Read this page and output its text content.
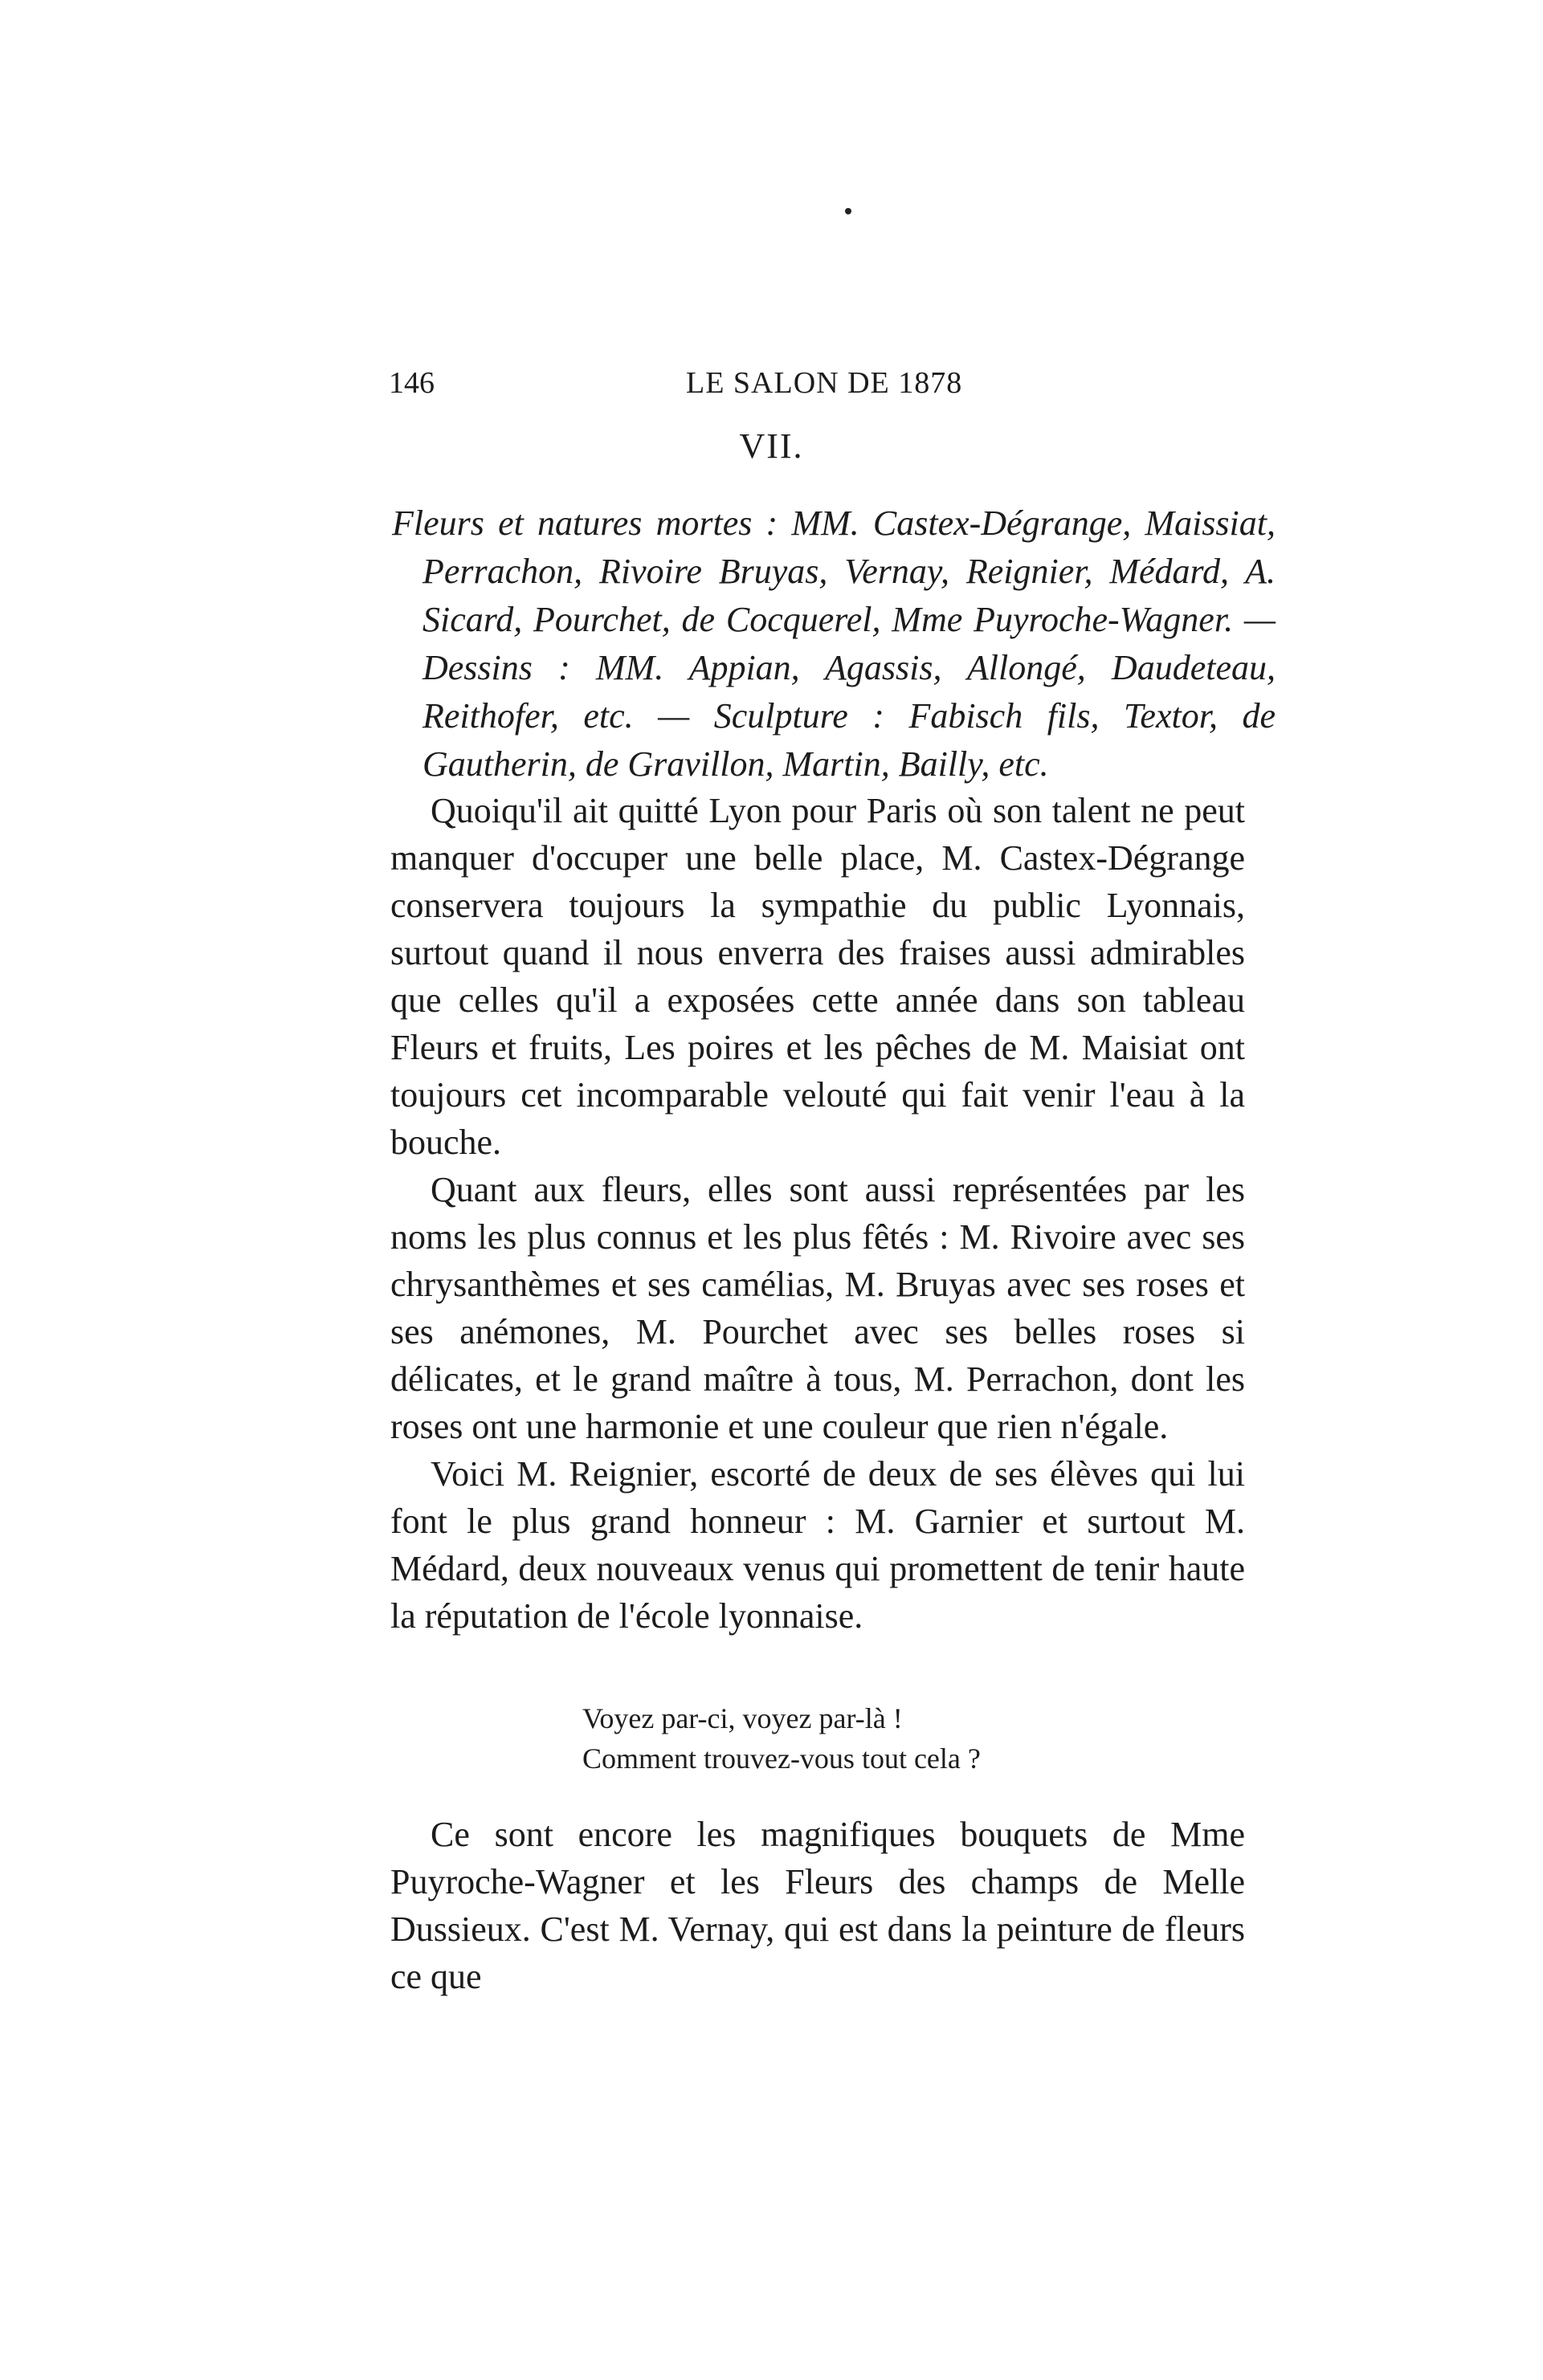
146	LE SALON DE 1878
VII.
Fleurs et natures mortes : MM. Castex-Dégrange, Maissiat, Perrachon, Rivoire Bruyas, Vernay, Reignier, Médard, A. Sicard, Pourchet, de Cocquerel, Mme Puyroche-Wagner. — Dessins : MM. Appian, Agassis, Allongé, Daudeteau, Reithofer, etc. — Sculpture : Fabisch fils, Textor, de Gautherin, de Gravillon, Martin, Bailly, etc.

Quoiqu'il ait quitté Lyon pour Paris où son talent ne peut manquer d'occuper une belle place, M. Castex-Dégrange conservera toujours la sympathie du public Lyonnais, surtout quand il nous enverra des fraises aussi admirables que celles qu'il a exposées cette année dans son tableau Fleurs et fruits, Les poires et les pêches de M. Maisiat ont toujours cet incomparable velouté qui fait venir l'eau à la bouche.

Quant aux fleurs, elles sont aussi représentées par les noms les plus connus et les plus fêtés : M. Rivoire avec ses chrysanthèmes et ses camélias, M. Bruyas avec ses roses et ses anémones, M. Pourchet avec ses belles roses si délicates, et le grand maître à tous, M. Perrachon, dont les roses ont une harmonie et une couleur que rien n'égale.

Voici M. Reignier, escorté de deux de ses élèves qui lui font le plus grand honneur : M. Garnier et surtout M. Médard, deux nouveaux venus qui promettent de tenir haute la réputation de l'école lyonnaise.

Voyez par-ci, voyez par-là !
Comment trouvez-vous tout cela ?
Ce sont encore les magnifiques bouquets de Mme Puyroche-Wagner et les Fleurs des champs de Melle Dussieux. C'est M. Vernay, qui est dans la peinture de fleurs ce que
